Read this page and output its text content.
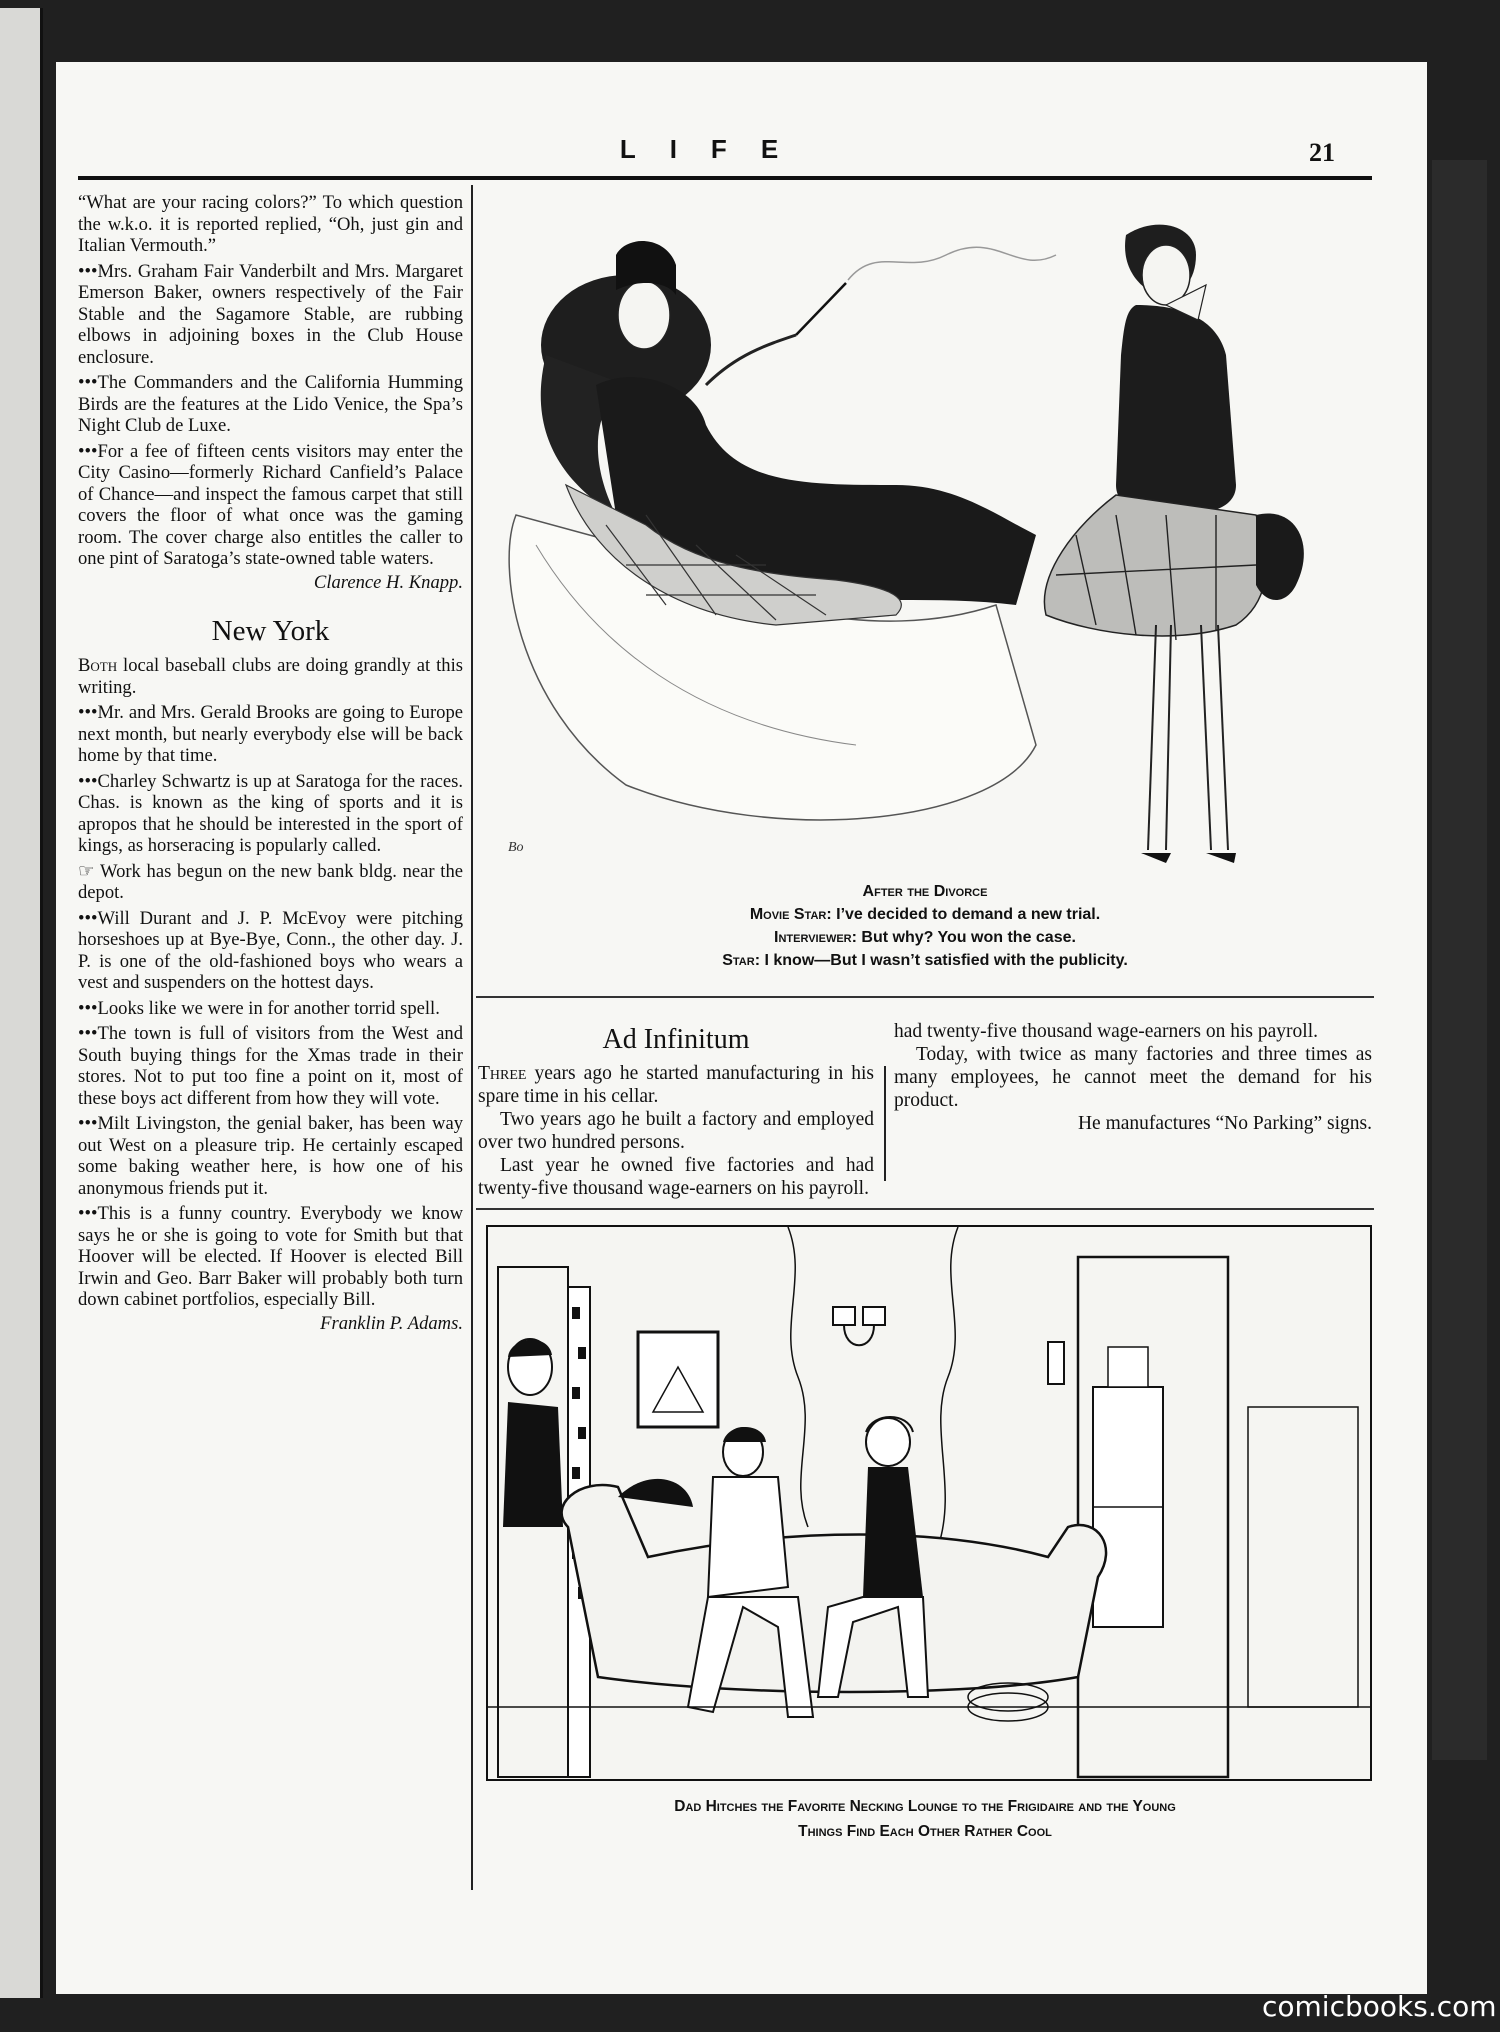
LIFE	21

“What are your racing colors?” To which question the w.k.o. it is reported replied, “Oh, just gin and Italian Vermouth.”

•••Mrs. Graham Fair Vanderbilt and Mrs. Margaret Emerson Baker, owners respectively of the Fair Stable and the Sagamore Stable, are rubbing elbows in adjoining boxes in the Club House enclosure.

•••The Commanders and the California Humming Birds are the features at the Lido Venice, the Spa’s Night Club de Luxe.

•••For a fee of fifteen cents visitors may enter the City Casino—formerly Richard Canfield’s Palace of Chance—and inspect the famous carpet that still covers the floor of what once was the gaming room. The cover charge also entitles the caller to one pint of Saratoga’s state-owned table waters.

Clarence H. Knapp.
New York

Both local baseball clubs are doing grandly at this writing.

•••Mr. and Mrs. Gerald Brooks are going to Europe next month, but nearly everybody else will be back home by that time.

•••Charley Schwartz is up at Saratoga for the races. Chas. is known as the king of sports and it is apropos that he should be interested in the sport of kings, as horseracing is popularly called.

☞ Work has begun on the new bank bldg. near the depot.

•••Will Durant and J. P. McEvoy were pitching horseshoes up at Bye-Bye, Conn., the other day. J. P. is one of the old-fashioned boys who wears a vest and suspenders on the hottest days.

•••Looks like we were in for another torrid spell.

•••The town is full of visitors from the West and South buying things for the Xmas trade in their stores. Not to put too fine a point on it, most of these boys act different from how they will vote.

•••Milt Livingston, the genial baker, has been way out West on a pleasure trip. He certainly escaped some baking weather here, is how one of his anonymous friends put it.

•••This is a funny country. Everybody we know says he or she is going to vote for Smith but that Hoover will be elected. If Hoover is elected Bill Irwin and Geo. Barr Baker will probably both turn down cabinet portfolios, especially Bill.

Franklin P. Adams.
Bo
After the Divorce
Movie Star: I’ve decided to demand a new trial.
Interviewer: But why? You won the case.
Star: I know—But I wasn’t satisfied with the publicity.
Ad Infinitum

Three years ago he started manufacturing in his spare time in his cellar.

Two years ago he built a factory and employed over two hundred persons.

Last year he owned five factories and had twenty-five thousand wage-earners on his payroll.

had twenty-five thousand wage-earners on his payroll.

Today, with twice as many factories and three times as many employees, he cannot meet the demand for his product.

He manufactures “No Parking” signs.

Dad Hitches the Favorite Necking Lounge to the Frigidaire and the Young
Things Find Each Other Rather Cool
comicbooks.com
